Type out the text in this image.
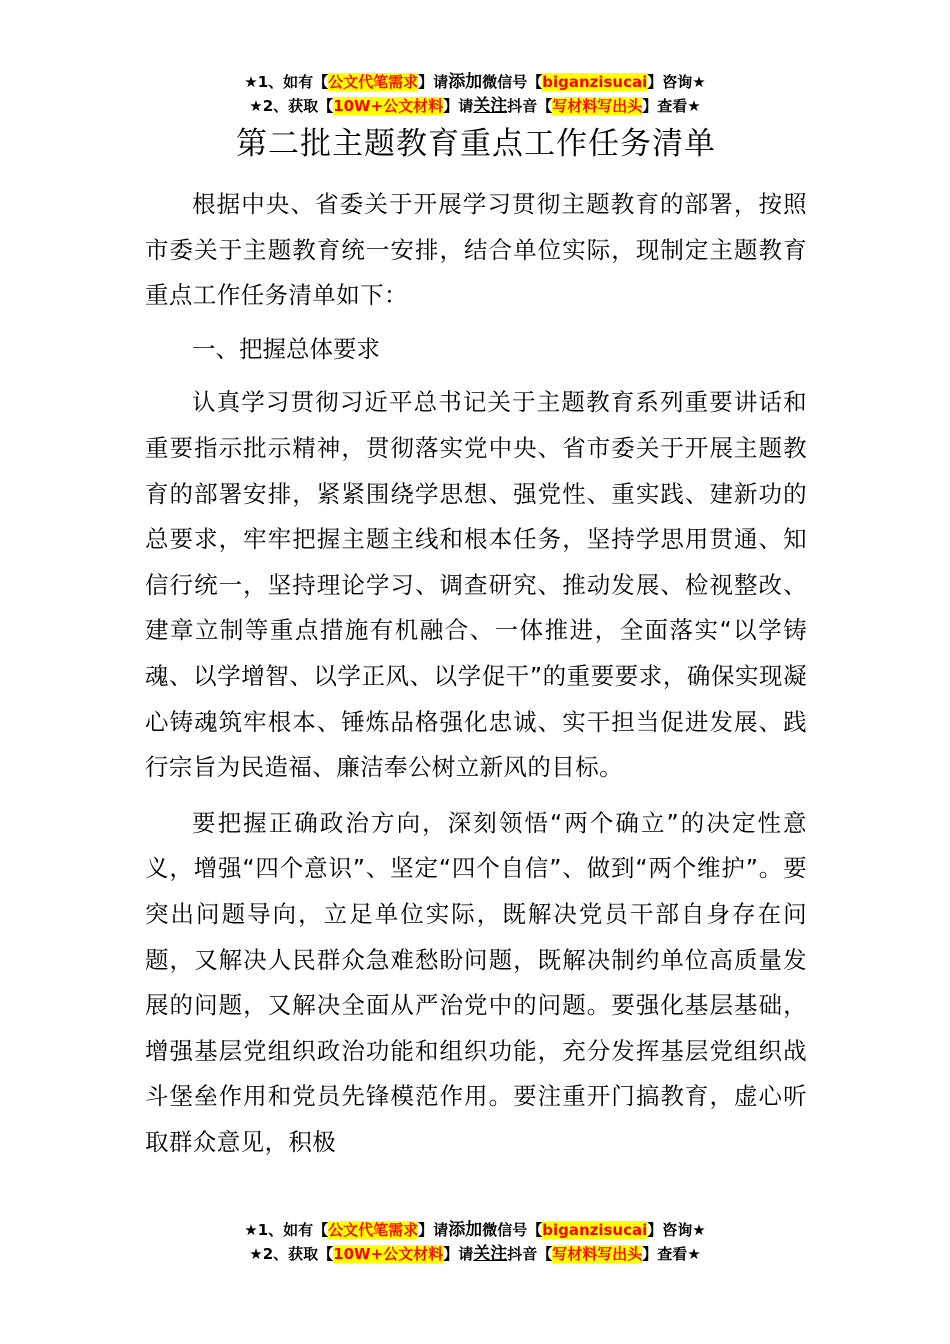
★1、如有【公文代笔需求】请添加微信号【biganzisucai】咨询★
★2、获取【10W+公文材料】请关注抖音【写材料写出头】查看★
第二批主题教育重点工作任务清单

根据中央、省委关于开展学习贯彻主题教育的部署，按照市委关于主题教育统一安排，结合单位实际，现制定主题教育重点工作任务清单如下：

一、把握总体要求

认真学习贯彻习近平总书记关于主题教育系列重要讲话和重要指示批示精神，贯彻落实党中央、省市委关于开展主题教育的部署安排，紧紧围绕学思想、强党性、重实践、建新功的总要求，牢牢把握主题主线和根本任务，坚持学思用贯通、知信行统一，坚持理论学习、调查研究、推动发展、检视整改、建章立制等重点措施有机融合、一体推进，全面落实“以学铸魂、以学增智、以学正风、以学促干”的重要要求，确保实现凝心铸魂筑牢根本、锤炼品格强化忠诚、实干担当促进发展、践行宗旨为民造福、廉洁奉公树立新风的目标。

要把握正确政治方向，深刻领悟“两个确立”的决定性意义，增强“四个意识”、坚定“四个自信”、做到“两个维护”。要突出问题导向，立足单位实际，既解决党员干部自身存在问题，又解决人民群众急难愁盼问题，既解决制约单位高质量发展的问题，又解决全面从严治党中的问题。要强化基层基础，增强基层党组织政治功能和组织功能，充分发挥基层党组织战斗堡垒作用和党员先锋模范作用。要注重开门搞教育，虚心听取群众意见，积极

★1、如有【公文代笔需求】请添加微信号【biganzisucai】咨询★
★2、获取【10W+公文材料】请关注抖音【写材料写出头】查看★
